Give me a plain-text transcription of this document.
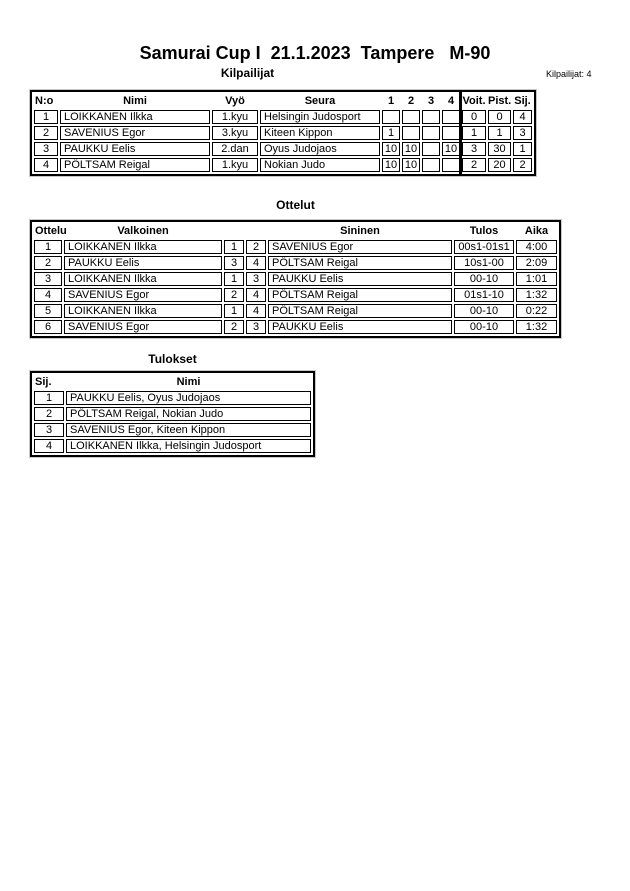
Samurai Cup I  21.1.2023  Tampere   M-90
Kilpailijat: 4
Kilpailijat
N:o	Nimi	Vyö	Seura	1	2	3	4	Voit.	Pist.	Sij.
1	LOIKKANEN Ilkka	1.kyu	Helsingin Judosport					0	0	4
2	SAVENIUS Egor	3.kyu	Kiteen Kippon	1				1	1	3
3	PAUKKU Eelis	2.dan	Oyus Judojaos	10	10		10	3	30	1
4	PÖLTSAM Reigal	1.kyu	Nokian Judo	10	10			2	20	2
Ottelut
Ottelu	Valkoinen			Sininen	Tulos	Aika
1	LOIKKANEN Ilkka	1	2	SAVENIUS Egor	00s1-01s1	4:00
2	PAUKKU Eelis	3	4	PÖLTSAM Reigal	10s1-00	2:09
3	LOIKKANEN Ilkka	1	3	PAUKKU Eelis	00-10	1:01
4	SAVENIUS Egor	2	4	PÖLTSAM Reigal	01s1-10	1:32
5	LOIKKANEN Ilkka	1	4	PÖLTSAM Reigal	00-10	0:22
6	SAVENIUS Egor	2	3	PAUKKU Eelis	00-10	1:32
Tulokset
Sij.	Nimi
1	PAUKKU Eelis, Oyus Judojaos
2	PÖLTSAM Reigal, Nokian Judo
3	SAVENIUS Egor, Kiteen Kippon
4	LOIKKANEN Ilkka, Helsingin Judosport
